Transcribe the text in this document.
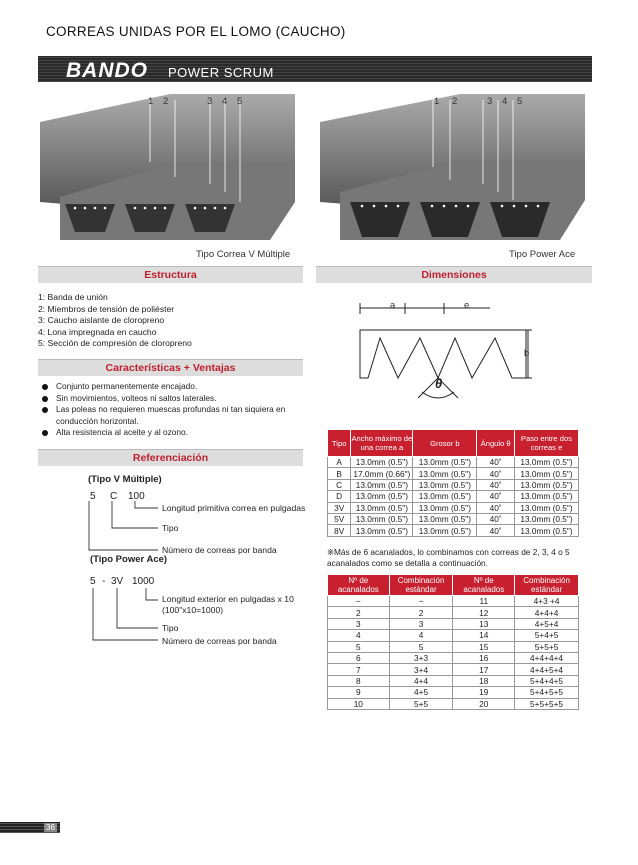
CORREAS UNIDAS POR EL LOMO (CAUCHO)
BANDO POWER SCRUM
1 2	3 4 5
Tipo Correa V Múltiple
1 2	3 4 5
Tipo Power Ace
Estructura
1: Banda de unión
2: Miembros de tensión de poliéster
3: Caucho aislante de cloropreno
4: Lona impregnada en caucho
5: Sección de compresión de cloropreno
Características + Ventajas
Conjunto permanentemente encajado.
Sin movimientos, volteos ni saltos laterales.
Las poleas no requieren muescas profundas ni tan siquiera en conducción horizontal.
Alta resistencia al aceite y al ozono.
Referenciación
(Tipo V Múltiple)
5 C 100
Longitud primitiva correa en pulgadas
Tipo
Número de correas por banda
(Tipo Power Ace)
5 - 3V 1000
Longitud exterior en pulgadas x 10
(100"x10=1000)
Tipo
Número de correas por banda
Dimensiones
a	e
b
θ
Tipo	Ancho máximo de una correa a	Grosor b	Ángulo θ	Paso entre dos correas e
A	13.0mm (0.5")	13.0mm (0.5")	40˚	13.0mm (0.5")
B	17.0mm (0.66")	13.0mm (0.5")	40˚	13.0mm (0.5")
C	13.0mm (0.5")	13.0mm (0.5")	40˚	13.0mm (0.5")
D	13.0mm (0.5")	13.0mm (0.5")	40˚	13.0mm (0.5")
3V	13.0mm (0.5")	13.0mm (0.5")	40˚	13.0mm (0.5")
5V	13.0mm (0.5")	13.0mm (0.5")	40˚	13.0mm (0.5")
8V	13.0mm (0.5")	13.0mm (0.5")	40˚	13.0mm (0.5")
※Más de 6 acanalados, lo combinamos con correas de 2, 3, 4 o 5 acanalados como se detalla a continuación.
Nº de acanalados	Combinación estándar	Nº de acanalados	Combinación estándar
−	−	11	4+3 +4
2	2	12	4+4+4
3	3	13	4+5+4
4	4	14	5+4+5
5	5	15	5+5+5
6	3+3	16	4+4+4+4
7	3+4	17	4+4+5+4
8	4+4	18	5+4+4+5
9	4+5	19	5+4+5+5
10	5+5	20	5+5+5+5
36
